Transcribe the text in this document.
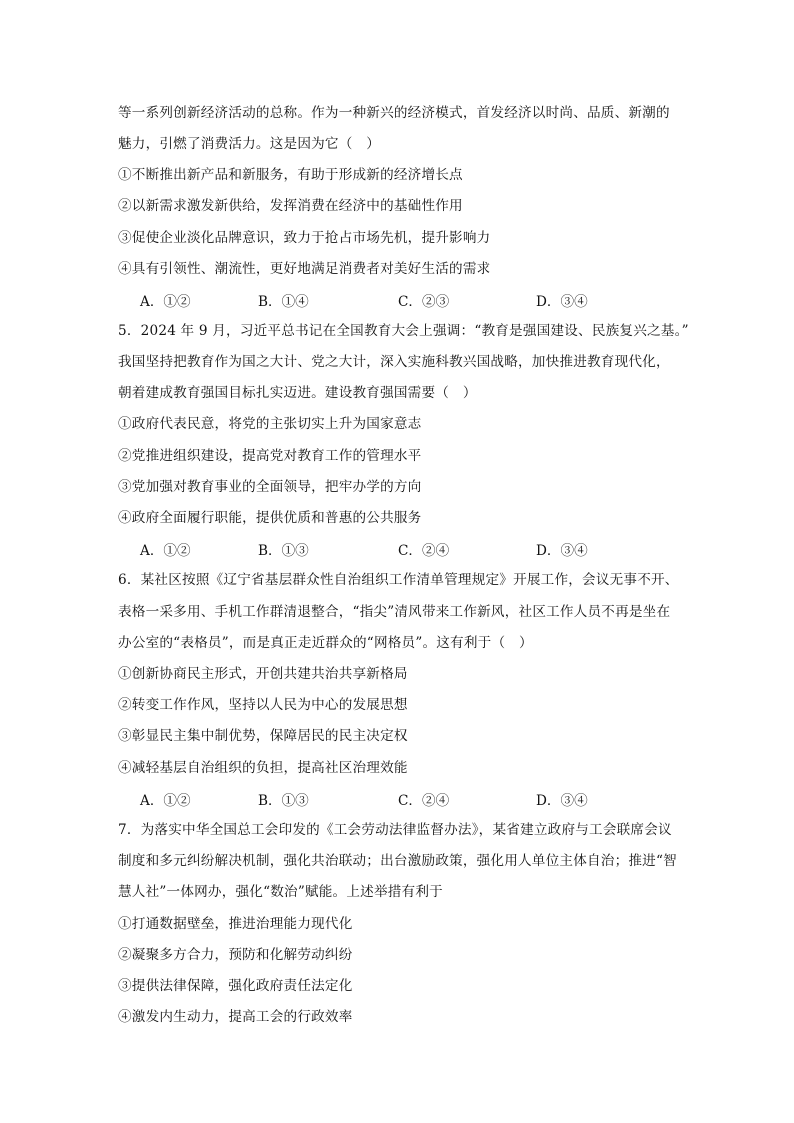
等一系列创新经济活动的总称。作为一种新兴的经济模式，首发经济以时尚、品质、新潮的
魅力，引燃了消费活力。这是因为它（　）
①不断推出新产品和新服务，有助于形成新的经济增长点
②以新需求激发新供给，发挥消费在经济中的基础性作用
③促使企业淡化品牌意识，致力于抢占市场先机，提升影响力
④具有引领性、潮流性，更好地满足消费者对美好生活的需求
A．①②	B．①④	C．②③	D．③④
5．2024 年 9 月，习近平总书记在全国教育大会上强调：“教育是强国建设、民族复兴之基。”
我国坚持把教育作为国之大计、党之大计，深入实施科教兴国战略，加快推进教育现代化，
朝着建成教育强国目标扎实迈进。建设教育强国需要（　）
①政府代表民意，将党的主张切实上升为国家意志
②党推进组织建设，提高党对教育工作的管理水平
③党加强对教育事业的全面领导，把牢办学的方向
④政府全面履行职能，提供优质和普惠的公共服务
A．①②	B．①③	C．②④	D．③④
6．某社区按照《辽宁省基层群众性自治组织工作清单管理规定》开展工作，会议无事不开、
表格一采多用、手机工作群清退整合，“指尖”清风带来工作新风，社区工作人员不再是坐在
办公室的“表格员”，而是真正走近群众的“网格员”。这有利于（　）
①创新协商民主形式，开创共建共治共享新格局
②转变工作作风，坚持以人民为中心的发展思想
③彰显民主集中制优势，保障居民的民主决定权
④减轻基层自治组织的负担，提高社区治理效能
A．①②	B．①③	C．②④	D．③④
7．为落实中华全国总工会印发的《工会劳动法律监督办法》，某省建立政府与工会联席会议
制度和多元纠纷解决机制，强化共治联动；出台激励政策，强化用人单位主体自治；推进“智
慧人社”一体网办，强化“数治”赋能。上述举措有利于
①打通数据壁垒，推进治理能力现代化
②凝聚多方合力，预防和化解劳动纠纷
③提供法律保障，强化政府责任法定化
④激发内生动力，提高工会的行政效率
